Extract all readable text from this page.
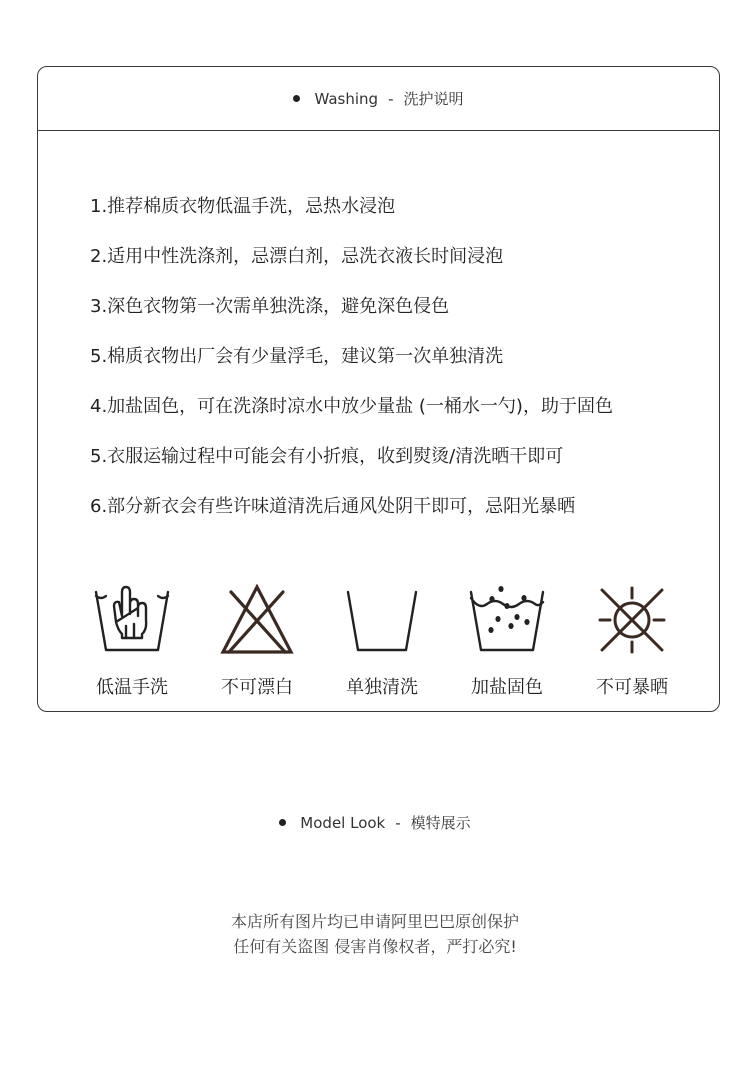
Washing - 洗护说明
1.推荐棉质衣物低温手洗，忌热水浸泡
2.适用中性洗涤剂，忌漂白剂，忌洗衣液长时间浸泡
3.深色衣物第一次需单独洗涤，避免深色侵色
5.棉质衣物出厂会有少量浮毛，建议第一次单独清洗
4.加盐固色，可在洗涤时凉水中放少量盐 (一桶水一勺)，助于固色
5.衣服运输过程中可能会有小折痕，收到熨烫/清洗晒干即可
6.部分新衣会有些许味道清洗后通风处阴干即可，忌阳光暴晒
低温手洗	不可漂白	单独清洗	加盐固色	不可暴晒
Model Look - 模特展示
本店所有图片均已申请阿里巴巴原创保护
任何有关盗图 侵害肖像权者，严打必究!
